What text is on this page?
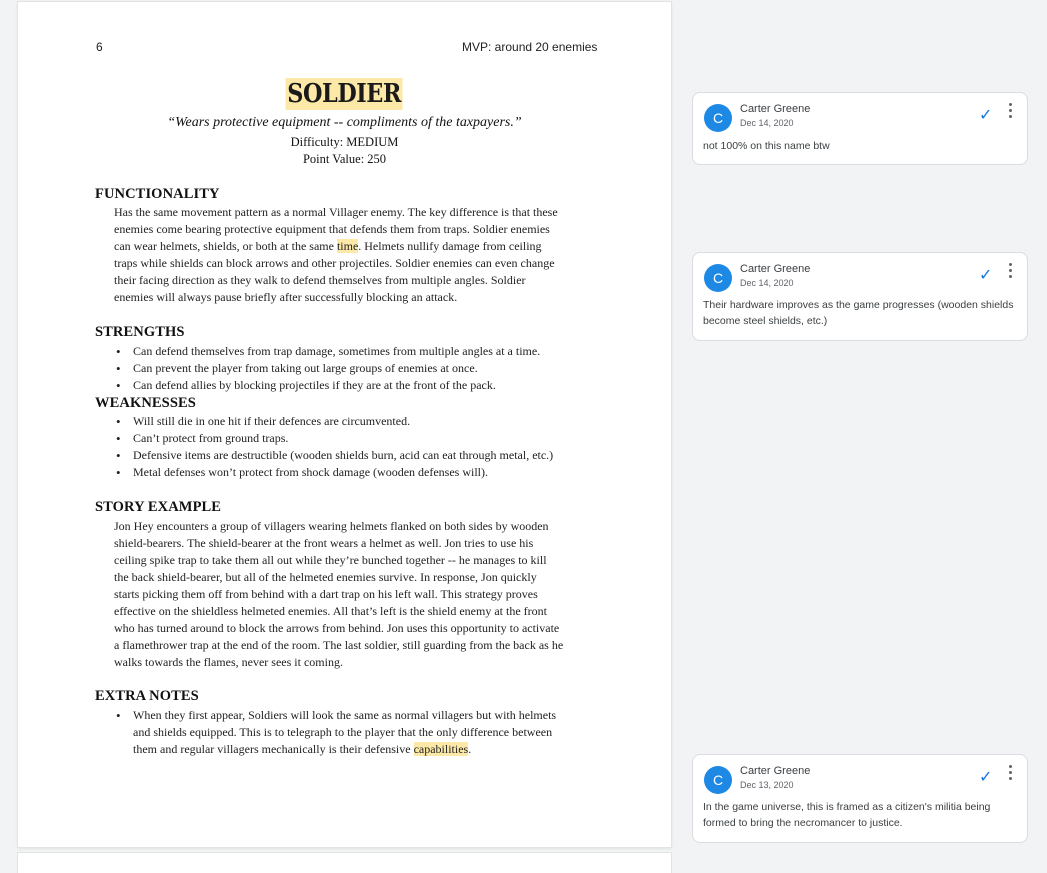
6	MVP: around 20 enemies
SOLDIER
“Wears protective equipment -- compliments of the taxpayers.”
Difficulty: MEDIUM
Point Value: 250
FUNCTIONALITY

Has the same movement pattern as a normal Villager enemy. The key difference is that these

enemies come bearing protective equipment that defends them from traps. Soldier enemies

can wear helmets, shields, or both at the same time. Helmets nullify damage from ceiling

traps while shields can block arrows and other projectiles. Soldier enemies can even change

their facing direction as they walk to defend themselves from multiple angles. Soldier

enemies will always pause briefly after successfully blocking an attack.

STRENGTHS
• Can defend themselves from trap damage, sometimes from multiple angles at a time.
• Can prevent the player from taking out large groups of enemies at once.
• Can defend allies by blocking projectiles if they are at the front of the pack.
WEAKNESSES
• Will still die in one hit if their defences are circumvented.
• Can’t protect from ground traps.
• Defensive items are destructible (wooden shields burn, acid can eat through metal, etc.)
• Metal defenses won’t protect from shock damage (wooden defenses will).
STORY EXAMPLE

Jon Hey encounters a group of villagers wearing helmets flanked on both sides by wooden

shield-bearers. The shield-bearer at the front wears a helmet as well. Jon tries to use his

ceiling spike trap to take them all out while they’re bunched together -- he manages to kill

the back shield-bearer, but all of the helmeted enemies survive. In response, Jon quickly

starts picking them off from behind with a dart trap on his left wall. This strategy proves

effective on the shieldless helmeted enemies. All that’s left is the shield enemy at the front

who has turned around to block the arrows from behind. Jon uses this opportunity to activate

a flamethrower trap at the end of the room. The last soldier, still guarding from the back as he

walks towards the flames, never sees it coming.

EXTRA NOTES
• When they first appear, Soldiers will look the same as normal villagers but with helmets
and shields equipped. This is to telegraph to the player that the only difference between
them and regular villagers mechanically is their defensive capabilities.
C
Carter Greene
Dec 14, 2020	✓
not 100% on this name btw
C
Carter Greene
Dec 14, 2020	✓
Their hardware improves as the game progresses (wooden shields become steel shields, etc.)
C
Carter Greene
Dec 13, 2020	✓
In the game universe, this is framed as a citizen's militia being formed to bring the necromancer to justice.
